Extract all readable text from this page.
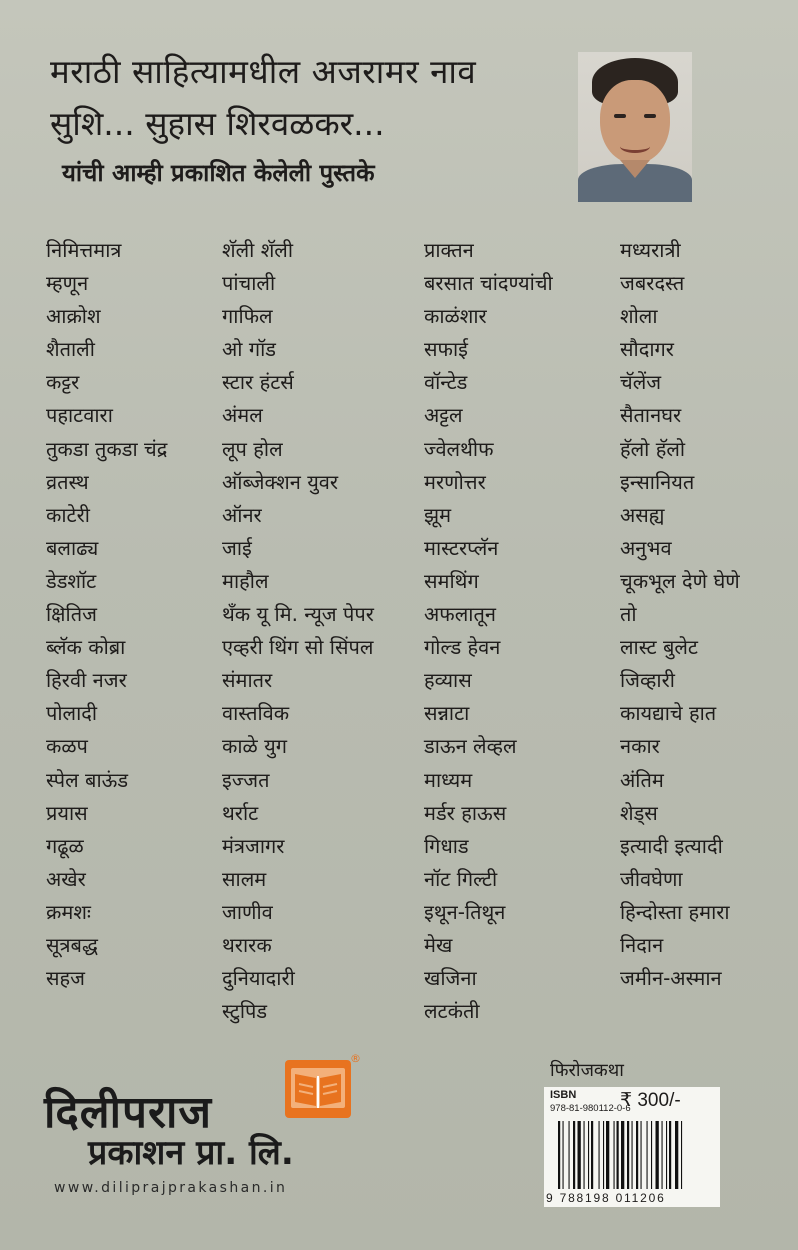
मराठी साहित्यामधील अजरामर नाव
सुशि... सुहास शिरवळकर...
यांची आम्ही प्रकाशित केलेली पुस्तके
निमित्तमात्र
म्हणून
आक्रोश
शैताली
कट्टर
पहाटवारा
तुकडा तुकडा चंद्र
व्रतस्थ
काटेरी
बलाढ्य
डेडशॉट
क्षितिज
ब्लॅक कोब्रा
हिरवी नजर
पोलादी
कळप
स्पेल बाऊंड
प्रयास
गढूळ
अखेर
क्रमशः
सूत्रबद्ध
सहज
शॅली शॅली
पांचाली
गाफिल
ओ गॉड
स्टार हंटर्स
अंमल
लूप होल
ऑब्जेक्शन युवर
ऑनर
जाई
माहौल
थँक यू मि. न्यूज पेपर
एव्हरी थिंग सो सिंपल
संमातर
वास्तविक
काळे युग
इज्जत
थर्राट
मंत्रजागर
सालम
जाणीव
थरारक
दुनियादारी
स्टुपिड
प्राक्तन
बरसात चांदण्यांची
काळंशार
सफाई
वॉन्टेड
अट्टल
ज्वेलथीफ
मरणोत्तर
झूम
मास्टरप्लॅन
समथिंग
अफलातून
गोल्ड हेवन
हव्यास
सन्नाटा
डाऊन लेव्हल
माध्यम
मर्डर हाऊस
गिधाड
नॉट गिल्टी
इथून-तिथून
मेख
खजिना
लटकंती
मध्यरात्री
जबरदस्त
शोला
सौदागर
चॅलेंज
सैतानघर
हॅलो हॅलो
इन्सानियत
असह्य
अनुभव
चूकभूल देणे घेणे
तो
लास्ट बुलेट
जिव्हारी
कायद्याचे हात
नकार
अंतिम
शेड्स
इत्यादी इत्यादी
जीवघेणा
हिन्दोस्ता हमारा
निदान
जमीन-अस्मान
दिलीपराज
प्रकाशन प्रा. लि.
®
www.diliprajprakashan.in
फिरोजकथा
ISBN
978-81-980112-0-6
₹ 300/-
9 788198 011206
